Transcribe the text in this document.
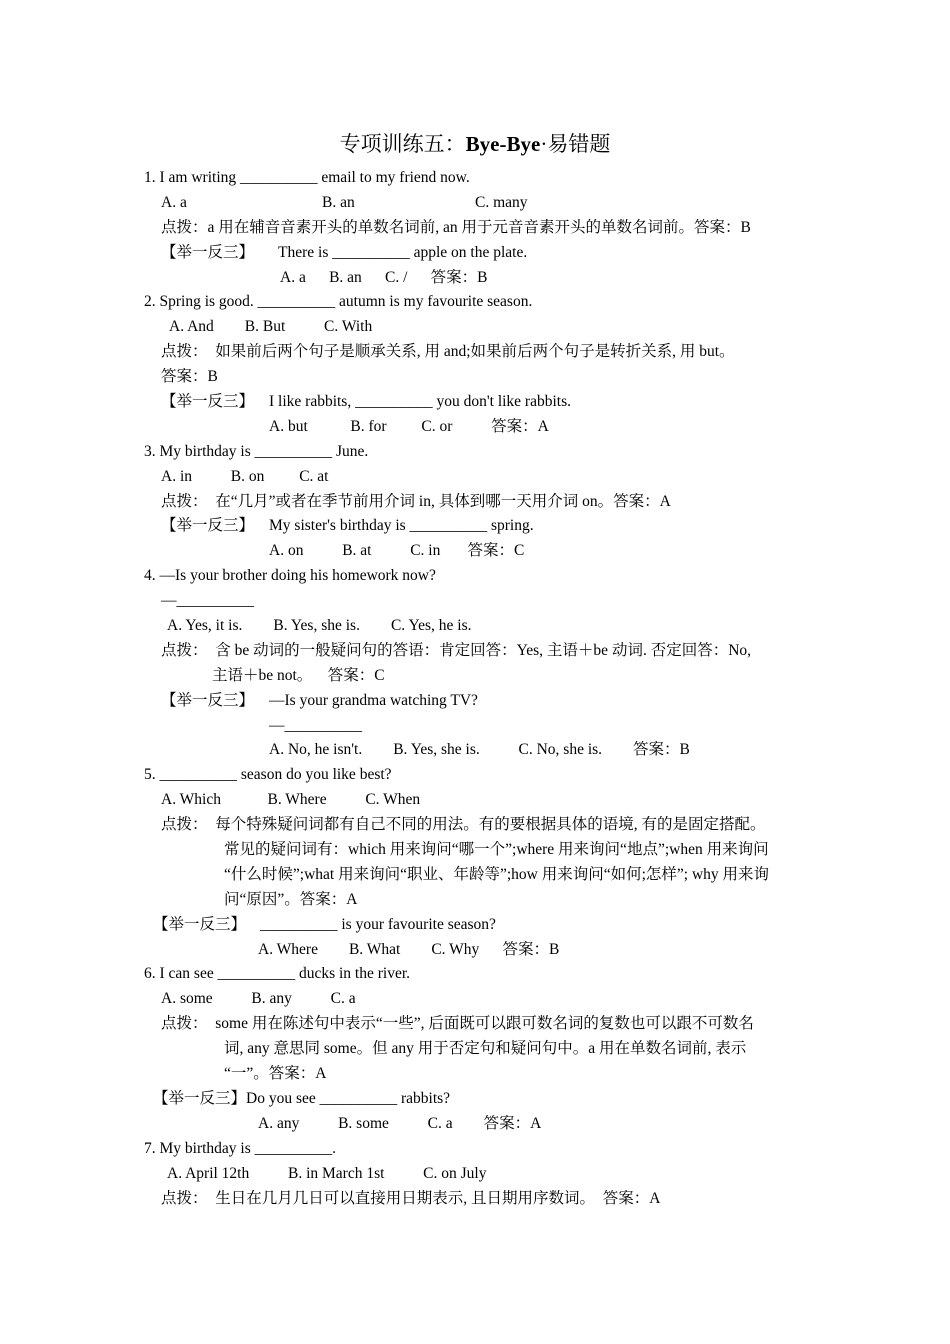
专项训练五：Bye-Bye·易错题
1. I am writing __________ email to my friend now.
A. a	B. an	C. many
点拨：a 用在辅音音素开头的单数名词前, an 用于元音音素开头的单数名词前。答案：B
【举一反三】 There is __________ apple on the plate.
A. a      B. an      C. /      答案：B
2. Spring is good. __________ autumn is my favourite season.
A. And        B. But          C. With
点拨：  如果前后两个句子是顺承关系, 用 and;如果前后两个句子是转折关系, 用 but。
答案：B
【举一反三】 I like rabbits, __________ you don't like rabbits.
A. but           B. for         C. or          答案：A
3. My birthday is __________ June.
A. in          B. on         C. at
点拨：  在“几月”或者在季节前用介词 in, 具体到哪一天用介词 on。答案：A
【举一反三】 My sister's birthday is __________ spring.
A. on          B. at          C. in       答案：C
4. —Is your brother doing his homework now?
—__________
A. Yes, it is.        B. Yes, she is.        C. Yes, he is.
点拨：  含 be 动词的一般疑问句的答语：肯定回答：Yes, 主语＋be 动词. 否定回答：No,
主语＋be not。    答案：C
【举一反三】 —Is your grandma watching TV?
—__________
A. No, he isn't.        B. Yes, she is.          C. No, she is.        答案：B
5. __________ season do you like best?
A. Which            B. Where          C. When
点拨：  每个特殊疑问词都有自己不同的用法。有的要根据具体的语境, 有的是固定搭配。
常见的疑问词有：which 用来询问“哪一个”;where 用来询问“地点”;when 用来询问
“什么时候”;what 用来询问“职业、年龄等”;how 用来询问“如何;怎样”; why 用来询
问“原因”。答案：A
【举一反三】 __________ is your favourite season?
A. Where        B. What        C. Why      答案：B
6. I can see __________ ducks in the river.
A. some          B. any          C. a
点拨：  some 用在陈述句中表示“一些”, 后面既可以跟可数名词的复数也可以跟不可数名
词, any 意思同 some。但 any 用于否定句和疑问句中。a 用在单数名词前, 表示
“一”。答案：A
【举一反三】Do you see __________ rabbits?
A. any          B. some          C. a        答案：A
7. My birthday is __________.
A. April 12th          B. in March 1st          C. on July
点拨：  生日在几月几日可以直接用日期表示, 且日期用序数词。  答案：A
